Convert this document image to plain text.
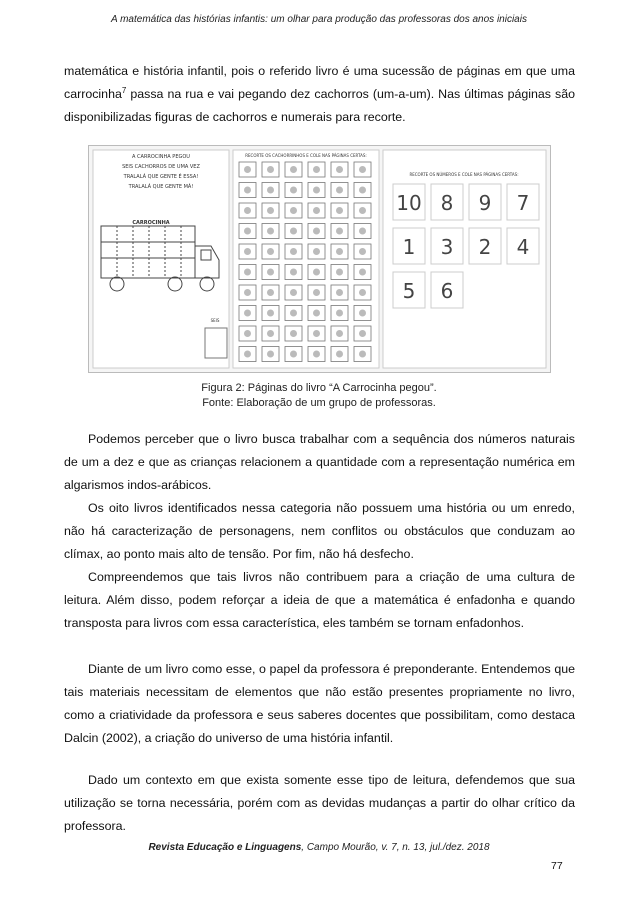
A matemática das histórias infantis: um olhar para produção das professoras dos anos iniciais

matemática e história infantil, pois o referido livro é uma sucessão de páginas em que uma carrocinha$^7$ passa na rua e vai pegando dez cachorros (um-a-um). Nas últimas páginas são disponibilizadas figuras de cachorros e numerais para recorte.

A CARROCINHA PEGOU
SEIS CACHORROS DE UMA VEZ
TRALALÁ QUE GENTE É ESSA!
TRALALÁ QUE GENTE MÁ!
CARROCINHA
SEIS
RECORTE OS CACHORRINHOS E COLE NAS PÁGINAS CERTAS:
RECORTE OS NÚMEROS E COLE NAS PÁGINAS CERTAS:
10 8 9 7
1 3 2 4
5 6
Figura 2: Páginas do livro “A Carrocinha pegou”.
Fonte: Elaboração de um grupo de professoras.

Podemos perceber que o livro busca trabalhar com a sequência dos números naturais de um a dez e que as crianças relacionem a quantidade com a representação numérica em algarismos indos-arábicos.

Os oito livros identificados nessa categoria não possuem uma história ou um enredo, não há caracterização de personagens, nem conflitos ou obstáculos que conduzam ao clímax, ao ponto mais alto de tensão. Por fim, não há desfecho.

Compreendemos que tais livros não contribuem para a criação de uma cultura de leitura. Além disso, podem reforçar a ideia de que a matemática é enfadonha e quando transposta para livros com essa característica, eles também se tornam enfadonhos.

Diante de um livro como esse, o papel da professora é preponderante. Entendemos que tais materiais necessitam de elementos que não estão presentes propriamente no livro, como a criatividade da professora e seus saberes docentes que possibilitam, como destaca Dalcin (2002), a criação do universo de uma história infantil.

Dado um contexto em que exista somente esse tipo de leitura, defendemos que sua utilização se torna necessária, porém com as devidas mudanças a partir do olhar crítico da professora.

Revista Educação e Linguagens, Campo Mourão, v. 7, n. 13, jul./dez. 2018
77
